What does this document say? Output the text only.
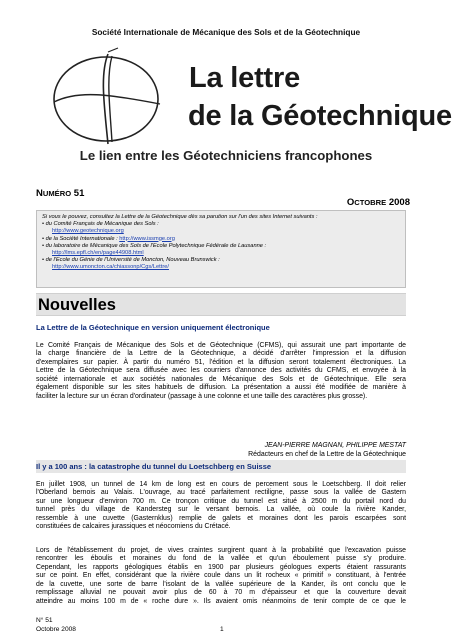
Société Internationale de Mécanique des Sols et de la Géotechnique
La lettre
de la Géotechnique
Le lien entre les Géotechniciens francophones
NUMÉRO 51
OCTOBRE 2008
Si vous le pouvez, consultez la Lettre de la Géotechnique dès sa parution sur l'un des sites Internet suivants :
• du Comité Français de Mécanique des Sols :
http://www.geotechnique.org
• de la Société Internationale : http://www.issmge.org
• du laboratoire de Mécanique des Sols de l'Ecole Polytechnique Fédérale de Lausanne :
http://lms.epfl.ch/en/page44908.html
• de l'Ecole du Génie de l'Université de Moncton, Nouveau Brunswick :
http://www.umoncton.ca/chiassonp/Cgs/Lettre/
Nouvelles
La Lettre de la Géotechnique en version uniquement électronique
Le Comité Français de Mécanique des Sols et de Géotechnique (CFMS), qui assurait une part importante de
la charge financière de la Lettre de la Géotechnique, a décidé d'arrêter l'impression et la diffusion
d'exemplaires sur papier. À partir du numéro 51, l'édition et la diffusion seront totalement électroniques. La
Lettre de la Géotechnique sera diffusée avec les courriers d'annonce des activités du CFMS, et envoyée à la
société internationale et aux sociétés nationales de Mécanique des Sols et de Géotechnique. Elle sera
également disponible sur les sites habituels de diffusion. La présentation a aussi été modifiée de manière à
faciliter la lecture sur un écran d'ordinateur (passage à une colonne et une taille des caractères plus grosse).
JEAN-PIERRE MAGNAN, PHILIPPE MESTAT
Rédacteurs en chef de la Lettre de la Géotechnique
Il y a 100 ans : la catastrophe du tunnel du Loetschberg en Suisse
En juillet 1908, un tunnel de 14 km de long est en cours de percement sous le Loetschberg. Il doit relier
l'Oberland bernois au Valais. L'ouvrage, au tracé parfaitement rectiligne, passe sous la vallée de Gastern
sur une longueur d'environ 700 m. Ce tronçon critique du tunnel est situé à 2500 m du portail nord du
tunnel près du village de Kandersteg sur le versant bernois. La vallée, où coule la rivière Kander,
ressemble à une cuvette (Gasternklus) remplie de galets et moraines dont les parois escarpées sont
constituées de calcaires jurassiques et néocomiens du Crétacé.
Lors de l'établissement du projet, de vives craintes surgirent quant à la probabilité que l'excavation puisse
rencontrer les éboulis et moraines du fond de la vallée et qu'un éboulement puisse s'y produire.
Cependant, les rapports géologiques établis en 1900 par plusieurs géologues experts étaient rassurants
sur ce point. En effet, considérant que la rivière coule dans un lit rocheux « primitif » constituant, à l'entrée
de la cuvette, une sorte de barre l'isolant de la vallée supérieure de la Kander, ils ont conclu que le
remplissage alluvial ne pouvait avoir plus de 60 à 70 m d'épaisseur et que la couverture devait
atteindre au moins 100 m de « roche dure ». Ils avaient omis néanmoins de tenir compte de ce que le
N° 51
Octobre 2008	1
